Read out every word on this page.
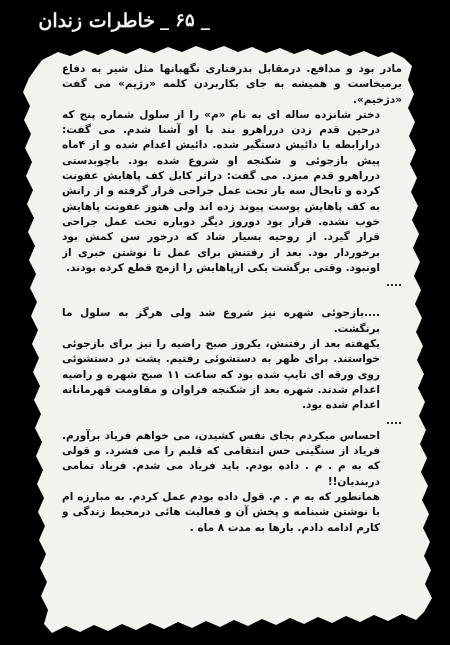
خاطرات زندان _ ۶۵ _

مادر بود و مدافع. درمقابل بدرفتاری نگهبانها مثل شیر به دفاع برمیخاست و همیشه به جای بکاربردن کلمه «رژیم» می گفت «دژخیم».

دختر شانزده ساله ای به نام «م» را از سلول شماره پنج که درحین قدم زدن درراهرو بند با او آشنا شدم. می گفت: درارابطه با دائیش دستگیر شده. دائیش اعدام شده و از ۴ماه پیش بازجوئی و شکنجه او شروع شده بود. باچوبدستی درراهرو قدم میزد. می گفت: دراثر کابل کف پاهایش عفونت کرده و تابحال سه بار تحت عمل جراحی قرار گرفته و از رانش به کف پاهایش پوست پیوند زده اند ولی هنوز عفونت پاهایش خوب نشده. قرار بود دوروز دیگر دوباره تحت عمل جراحی قرار گیرد. از روحیه بسیار شاد که درخور سن کمش بود برخوردار بود. بعد از رفتنش برای عمل تا نوشتن خبری از اونبود. وقتی برگشت یکی ازپاهایش را ازمچ قطع کرده بودند.

....

....بازجوئی شهره نیز شروع شد ولی هرگز به سلول ما برنگشت.

یکهفته بعد از رفتنش، یکروز صبح راضیه را نیز برای بازجوئی خواستند. برای ظهر به دستشوئی رفتیم. پشت در دستشوئی روی ورقه ای تایپ شده بود که ساعت ۱۱ صبح شهره و راضیه اعدام شدند. شهره بعد از شکنجه فراوان و مقاومت قهرمانانه اعدام شده بود.

....

احساس میکردم بجای نفس کشیدن، می خواهم فریاد برآورم. فریاد از سنگینی حس انتقامی که قلبم را می فشرد. و قولی که به م . م . داده بودم. باید فریاد می شدم. فریاد تمامی دربندیان!!

همانطور که به م . م. قول داده بودم عمل کردم. به مبارزه ام با نوشتن شبنامه و پخش آن و فعالیت هائی درمحیط زندگی و کارم ادامه دادم. بارها به مدت ۸ ماه .
